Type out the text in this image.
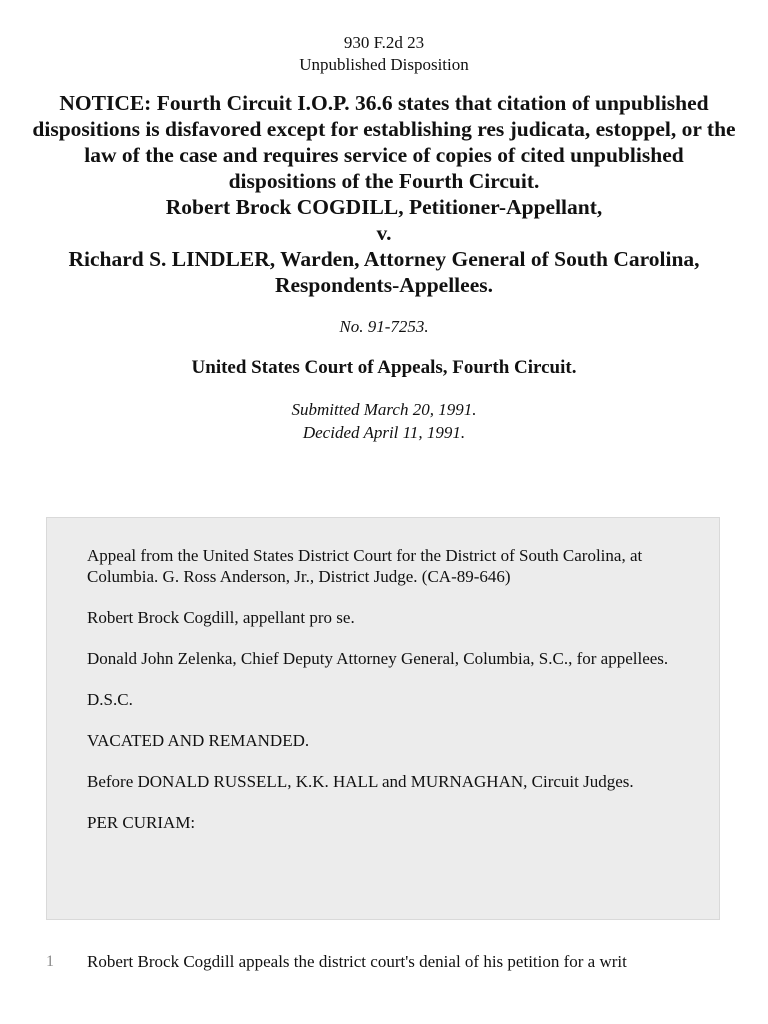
930 F.2d 23
Unpublished Disposition
NOTICE: Fourth Circuit I.O.P. 36.6 states that citation of unpublished dispositions is disfavored except for establishing res judicata, estoppel, or the law of the case and requires service of copies of cited unpublished dispositions of the Fourth Circuit.
Robert Brock COGDILL, Petitioner-Appellant,
v.
Richard S. LINDLER, Warden, Attorney General of South Carolina, Respondents-Appellees.
No. 91-7253.
United States Court of Appeals, Fourth Circuit.
Submitted March 20, 1991.
Decided April 11, 1991.

Appeal from the United States District Court for the District of South Carolina, at Columbia. G. Ross Anderson, Jr., District Judge. (CA-89-646)

Robert Brock Cogdill, appellant pro se.

Donald John Zelenka, Chief Deputy Attorney General, Columbia, S.C., for appellees.

D.S.C.

VACATED AND REMANDED.

Before DONALD RUSSELL, K.K. HALL and MURNAGHAN, Circuit Judges.

PER CURIAM:

1 Robert Brock Cogdill appeals the district court's denial of his petition for a writ
